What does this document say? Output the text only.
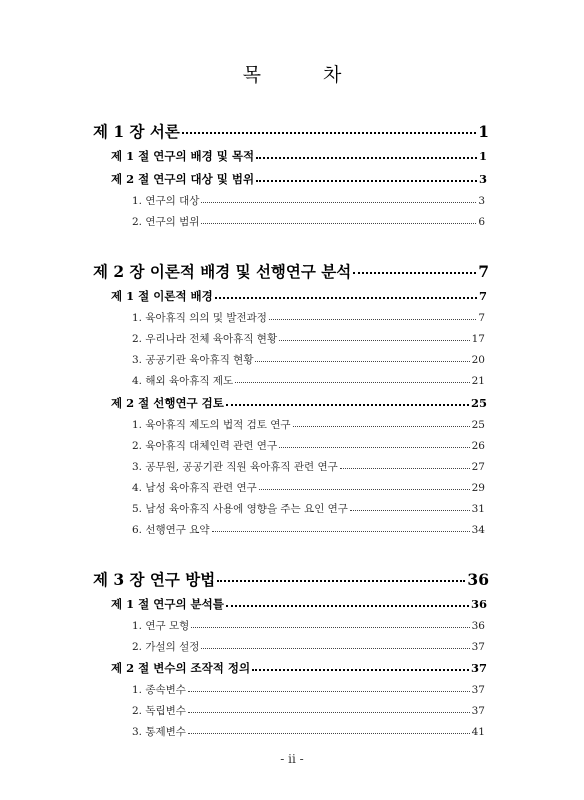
목 차
제 1 장 서론	1
제 1 절 연구의 배경 및 목적	1
제 2 절 연구의 대상 및 범위	3
1. 연구의 대상	3
2. 연구의 범위	6
제 2 장 이론적 배경 및 선행연구 분석	7
제 1 절 이론적 배경	7
1. 육아휴직 의의 및 발전과정	7
2. 우리나라 전체 육아휴직 현황	17
3. 공공기관 육아휴직 현황	20
4. 해외 육아휴직 제도	21
제 2 절 선행연구 검토	25
1. 육아휴직 제도의 법적 검토 연구	25
2. 육아휴직 대체인력 관련 연구	26
3. 공무원, 공공기관 직원 육아휴직 관련 연구	27
4. 남성 육아휴직 관련 연구	29
5. 남성 육아휴직 사용에 영향을 주는 요인 연구	31
6. 선행연구 요약	34
제 3 장 연구 방법	36
제 1 절 연구의 분석틀	36
1. 연구 모형	36
2. 가설의 설정	37
제 2 절 변수의 조작적 정의	37
1. 종속변수	37
2. 독립변수	37
3. 통제변수	41
- ii -
